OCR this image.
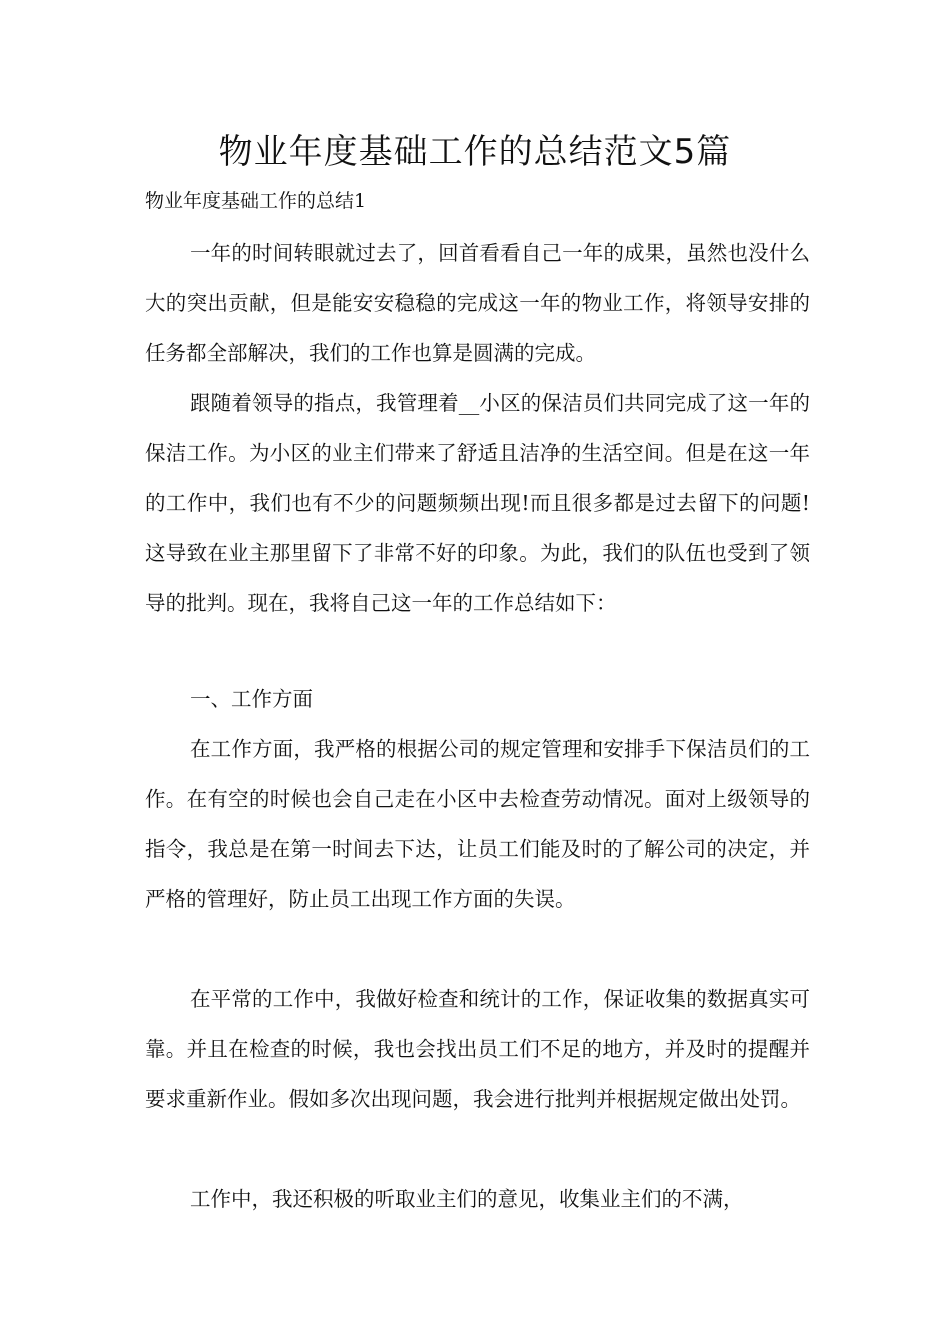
物业年度基础工作的总结范文5篇

物业年度基础工作的总结1

一年的时间转眼就过去了，回首看看自己一年的成果，虽然也没什么大的突出贡献，但是能安安稳稳的完成这一年的物业工作，将领导安排的任务都全部解决，我们的工作也算是圆满的完成。

跟随着领导的指点，我管理着__小区的保洁员们共同完成了这一年的保洁工作。为小区的业主们带来了舒适且洁净的生活空间。但是在这一年的工作中，我们也有不少的问题频频出现!而且很多都是过去留下的问题!这导致在业主那里留下了非常不好的印象。为此，我们的队伍也受到了领导的批判。现在，我将自己这一年的工作总结如下：

一、工作方面

在工作方面，我严格的根据公司的规定管理和安排手下保洁员们的工作。在有空的时候也会自己走在小区中去检查劳动情况。面对上级领导的指令，我总是在第一时间去下达，让员工们能及时的了解公司的决定，并严格的管理好，防止员工出现工作方面的失误。

在平常的工作中，我做好检查和统计的工作，保证收集的数据真实可靠。并且在检查的时候，我也会找出员工们不足的地方，并及时的提醒并要求重新作业。假如多次出现问题，我会进行批判并根据规定做出处罚。

工作中，我还积极的听取业主们的意见，收集业主们的不满，
